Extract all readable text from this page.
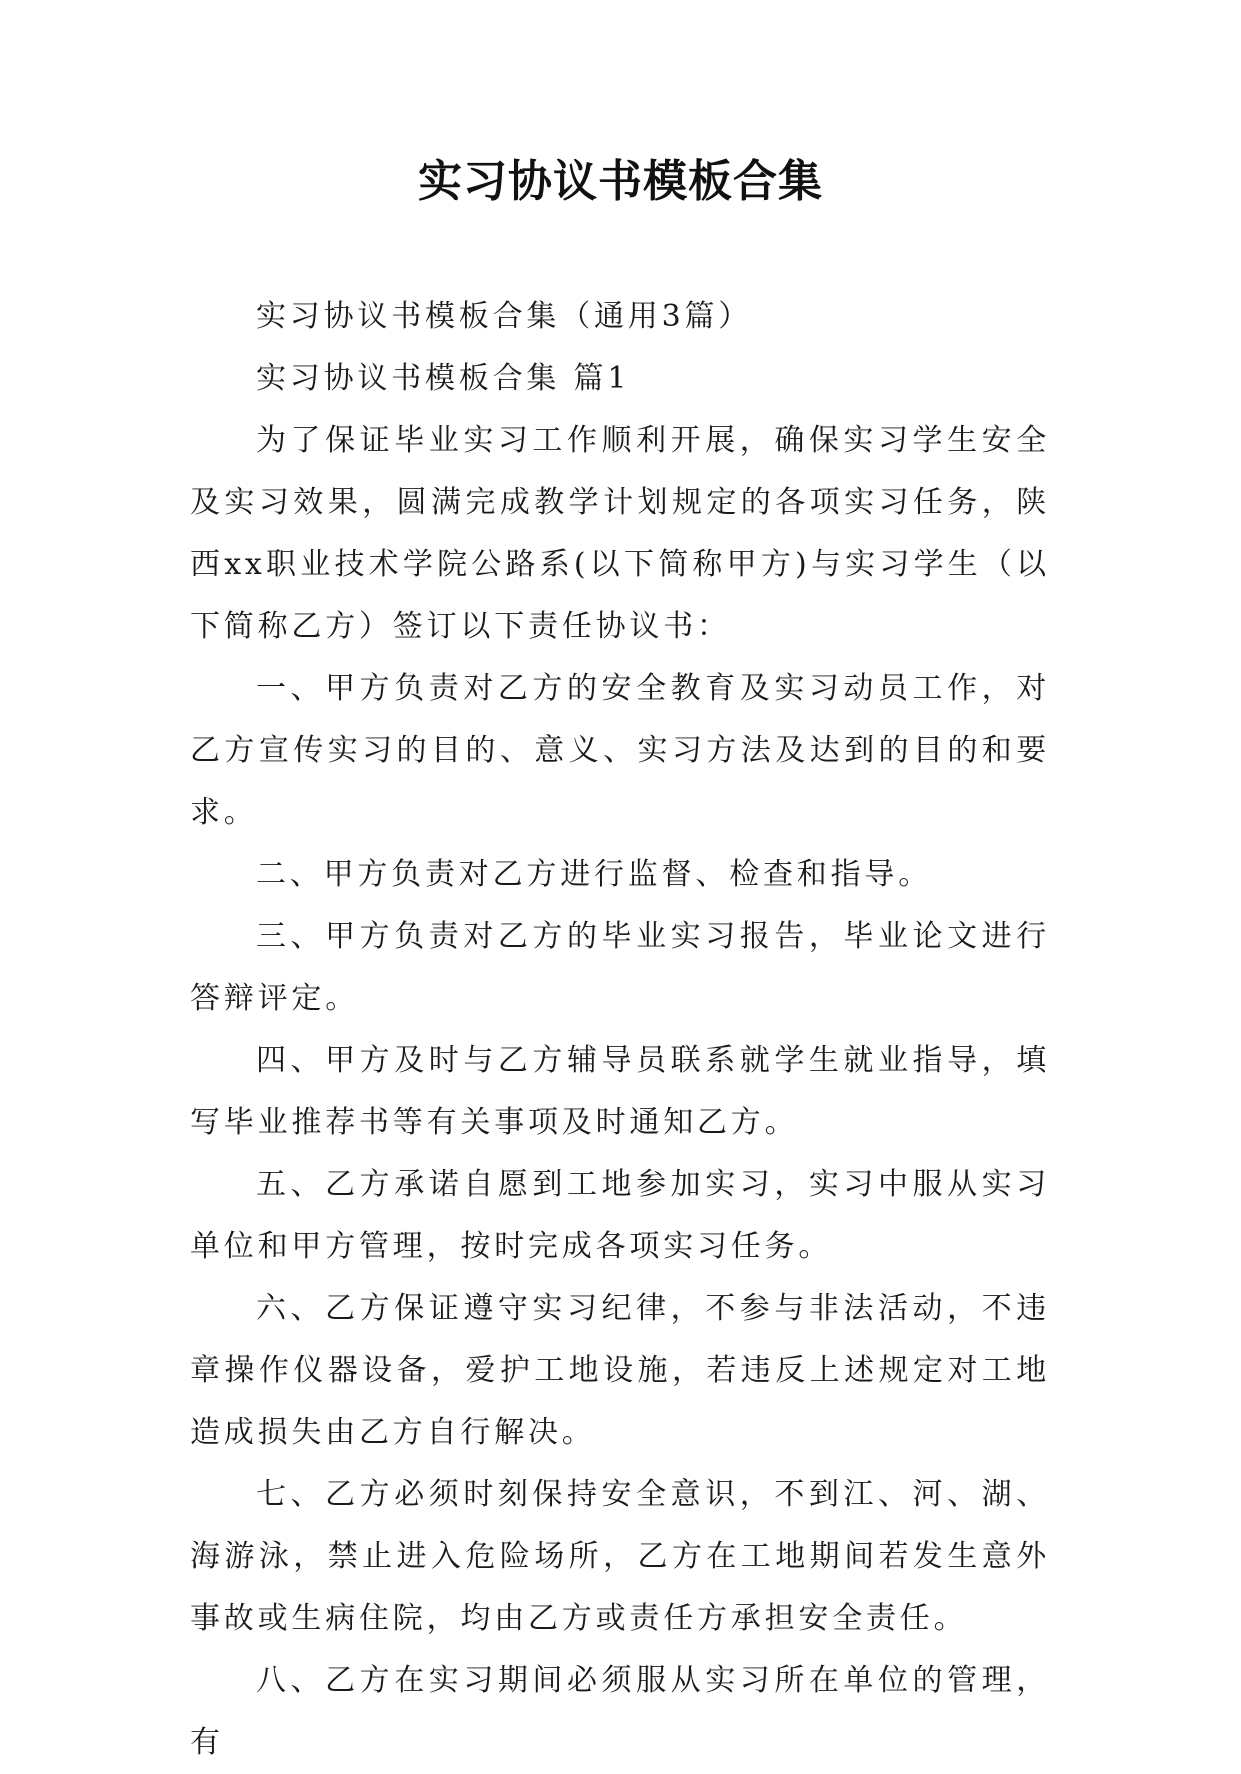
实习协议书模板合集

实习协议书模板合集（通用3篇）

实习协议书模板合集 篇1

为了保证毕业实习工作顺利开展，确保实习学生安全及实习效果，圆满完成教学计划规定的各项实习任务，陕西xx职业技术学院公路系(以下简称甲方)与实习学生（以下简称乙方）签订以下责任协议书：

一、甲方负责对乙方的安全教育及实习动员工作，对乙方宣传实习的目的、意义、实习方法及达到的目的和要求。

二、甲方负责对乙方进行监督、检查和指导。

三、甲方负责对乙方的毕业实习报告，毕业论文进行答辩评定。

四、甲方及时与乙方辅导员联系就学生就业指导，填写毕业推荐书等有关事项及时通知乙方。

五、乙方承诺自愿到工地参加实习，实习中服从实习单位和甲方管理，按时完成各项实习任务。

六、乙方保证遵守实习纪律，不参与非法活动，不违章操作仪器设备，爱护工地设施，若违反上述规定对工地造成损失由乙方自行解决。

七、乙方必须时刻保持安全意识，不到江、河、湖、海游泳，禁止进入危险场所，乙方在工地期间若发生意外事故或生病住院，均由乙方或责任方承担安全责任。

八、乙方在实习期间必须服从实习所在单位的管理，有
